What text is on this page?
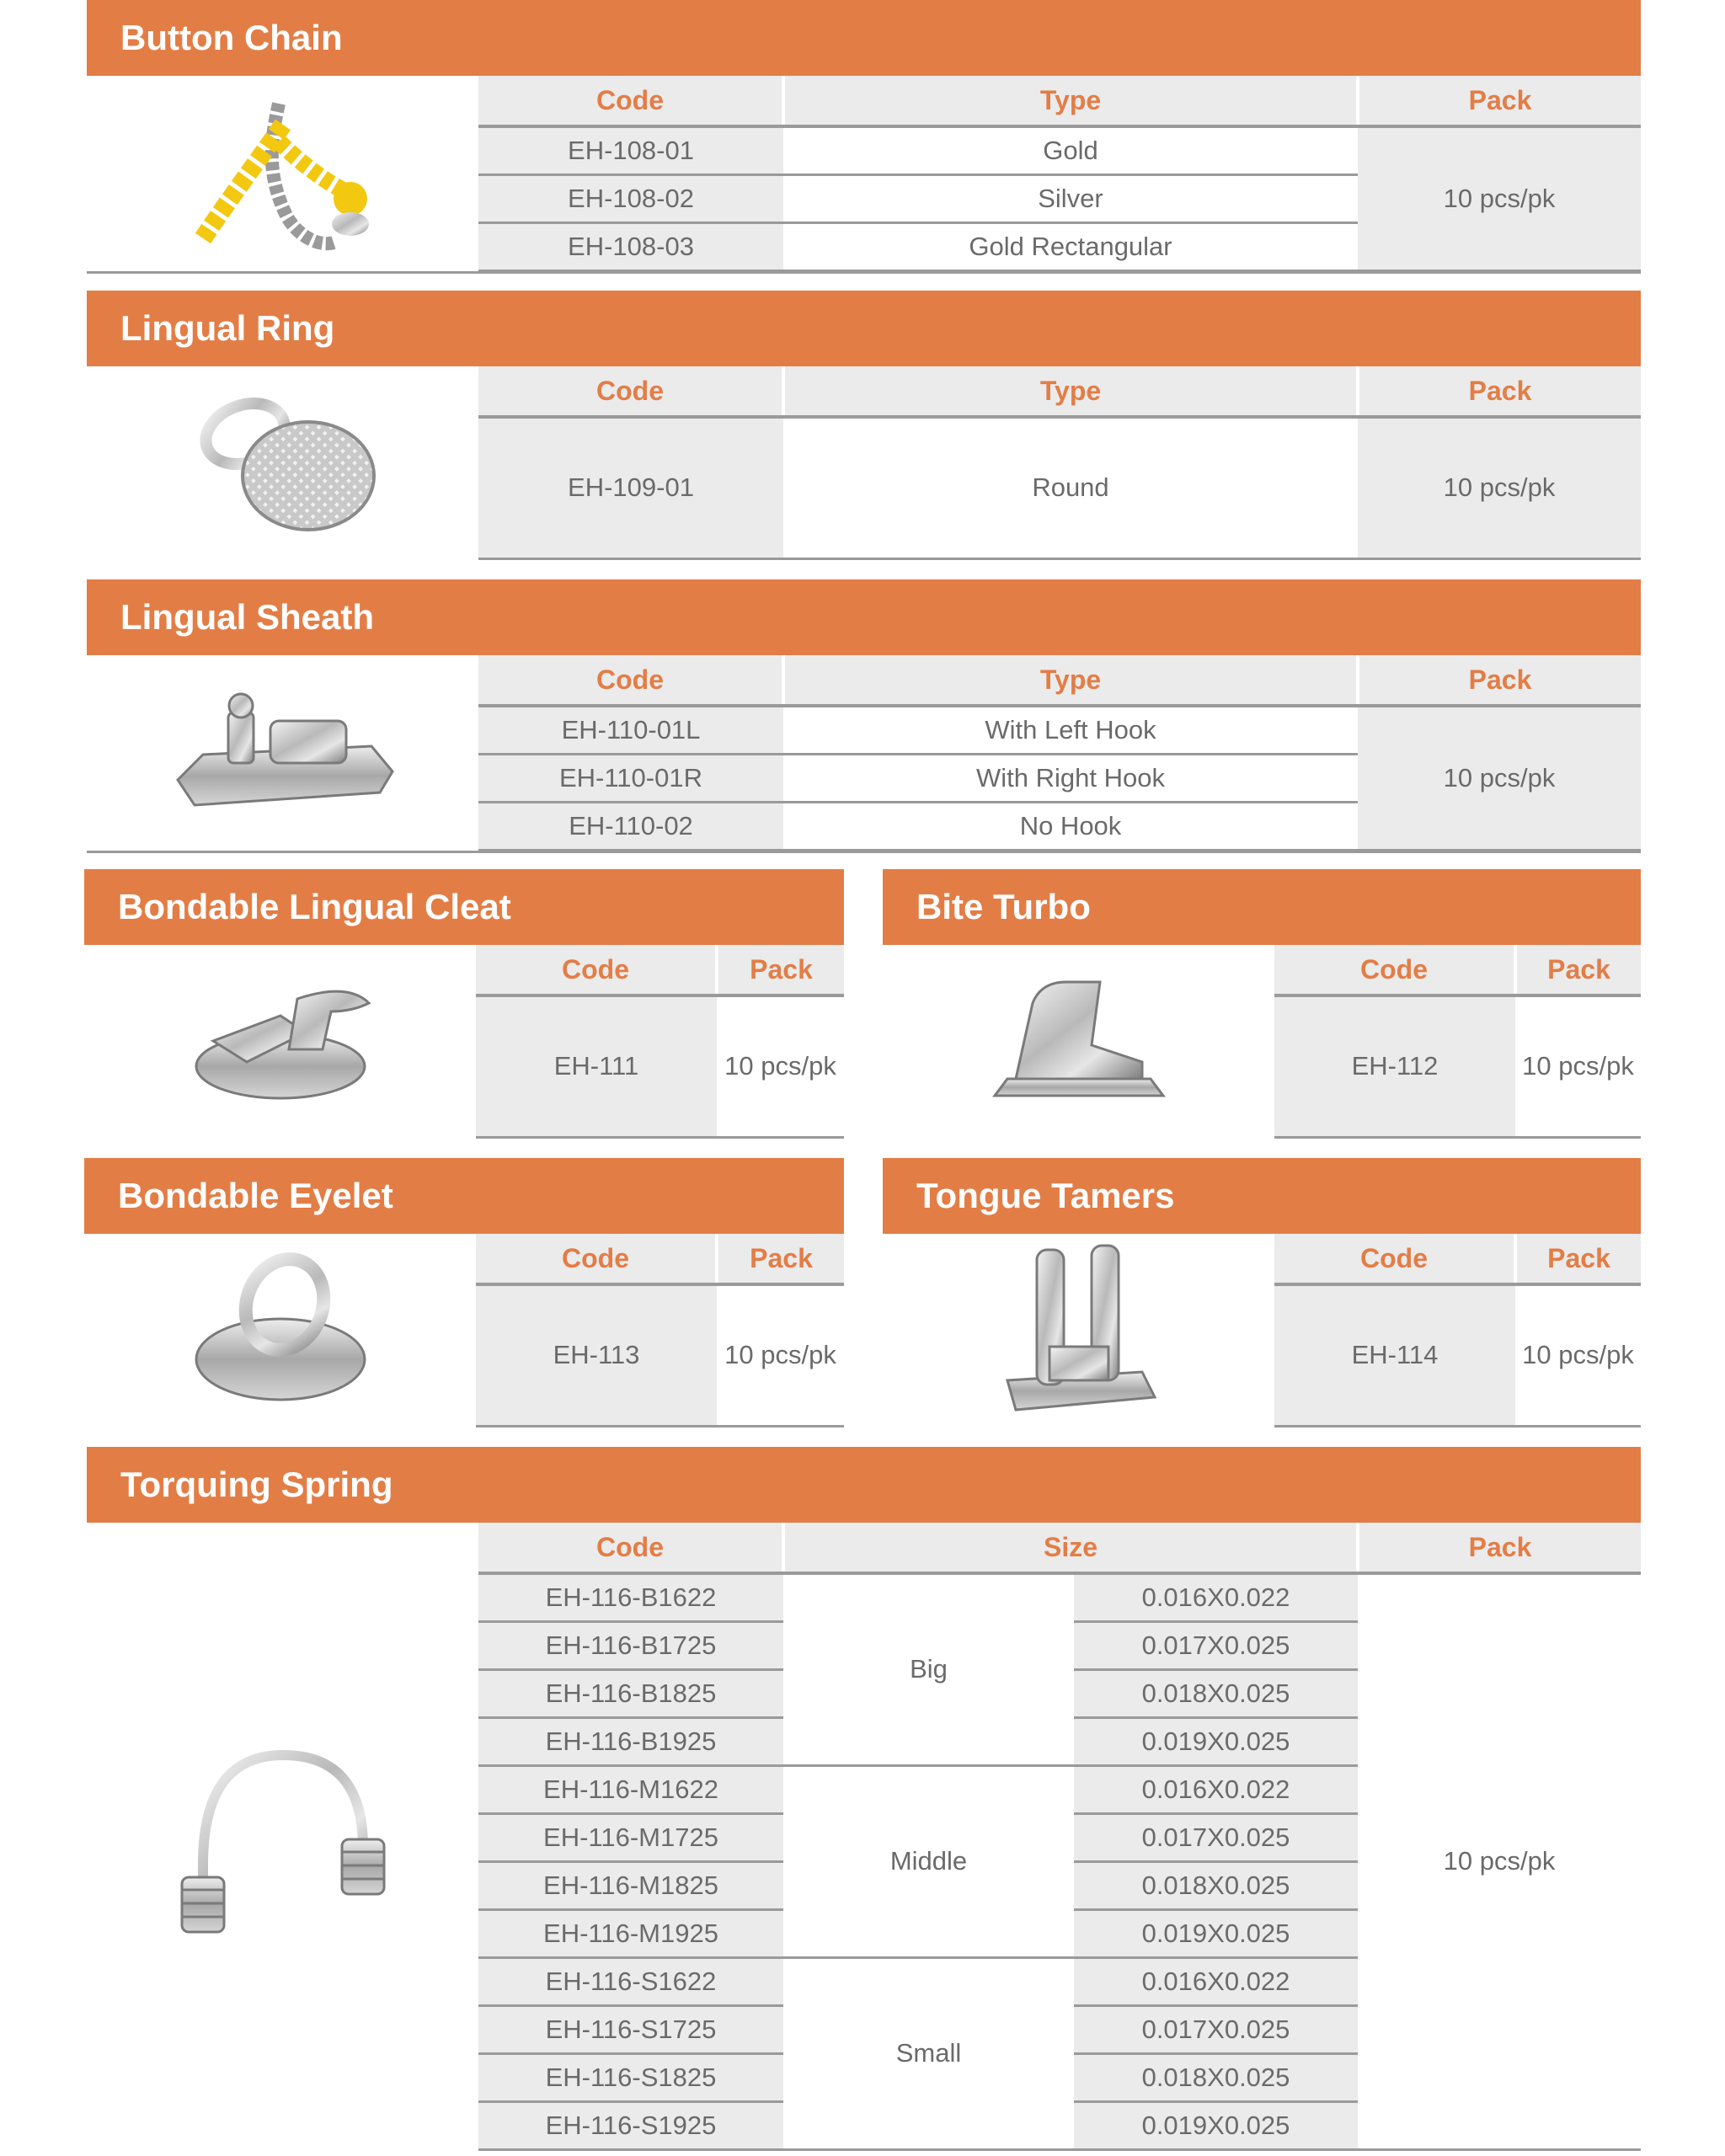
Button Chain
Code	Type	Pack
EH-108-01	Gold	10 pcs/pk
EH-108-02	Silver	
EH-108-03	Gold Rectangular	
Lingual Ring
Code	Type	Pack
EH-109-01	Round	10 pcs/pk
Lingual Sheath
Code	Type	Pack
EH-110-01L	With Left Hook	10 pcs/pk
EH-110-01R	With Right Hook	
EH-110-02	No Hook	
Bondable Lingual Cleat
Code	Pack
EH-111	10 pcs/pk
Bite Turbo
Code	Pack
EH-112	10 pcs/pk
Bondable Eyelet
Code	Pack
EH-113	10 pcs/pk
Tongue Tamers
Code	Pack
EH-114	10 pcs/pk
Torquing Spring
Code	Size		Pack
EH-116-B1622	Big	0.016X0.022	10 pcs/pk
EH-116-B1725		0.017X0.025	
EH-116-B1825		0.018X0.025	
EH-116-B1925		0.019X0.025	
EH-116-M1622	Middle	0.016X0.022	
EH-116-M1725		0.017X0.025	
EH-116-M1825		0.018X0.025	
EH-116-M1925		0.019X0.025	
EH-116-S1622	Small	0.016X0.022	
EH-116-S1725		0.017X0.025	
EH-116-S1825		0.018X0.025	
EH-116-S1925		0.019X0.025	
